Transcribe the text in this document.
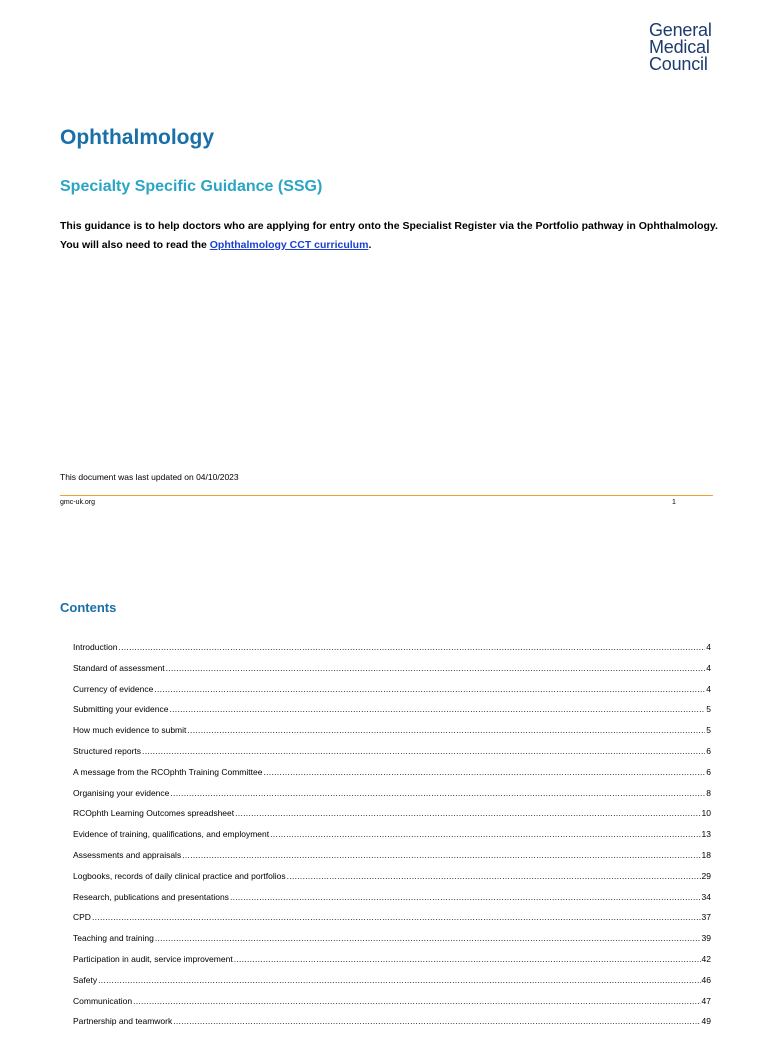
General
Medical
Council
Ophthalmology
Specialty Specific Guidance (SSG)
This guidance is to help doctors who are applying for entry onto the Specialist Register via the Portfolio pathway in Ophthalmology.
You will also need to read the Ophthalmology CCT curriculum.
This document was last updated on 04/10/2023
gmc-uk.org	1
Contents
Introduction .....	4
Standard of assessment .....	4
Currency of evidence .....	4
Submitting your evidence .....	5
How much evidence to submit .....	5
Structured reports .....	6
A message from the RCOphth Training Committee .....	6
Organising your evidence .....	8
RCOphth Learning Outcomes spreadsheet .....	10
Evidence of training, qualifications, and employment .....	13
Assessments and appraisals .....	18
Logbooks, records of daily clinical practice and portfolios .....	29
Research, publications and presentations .....	34
CPD .....	37
Teaching and training .....	39
Participation in audit, service improvement .....	42
Safety .....	46
Communication .....	47
Partnership and teamwork .....	49
